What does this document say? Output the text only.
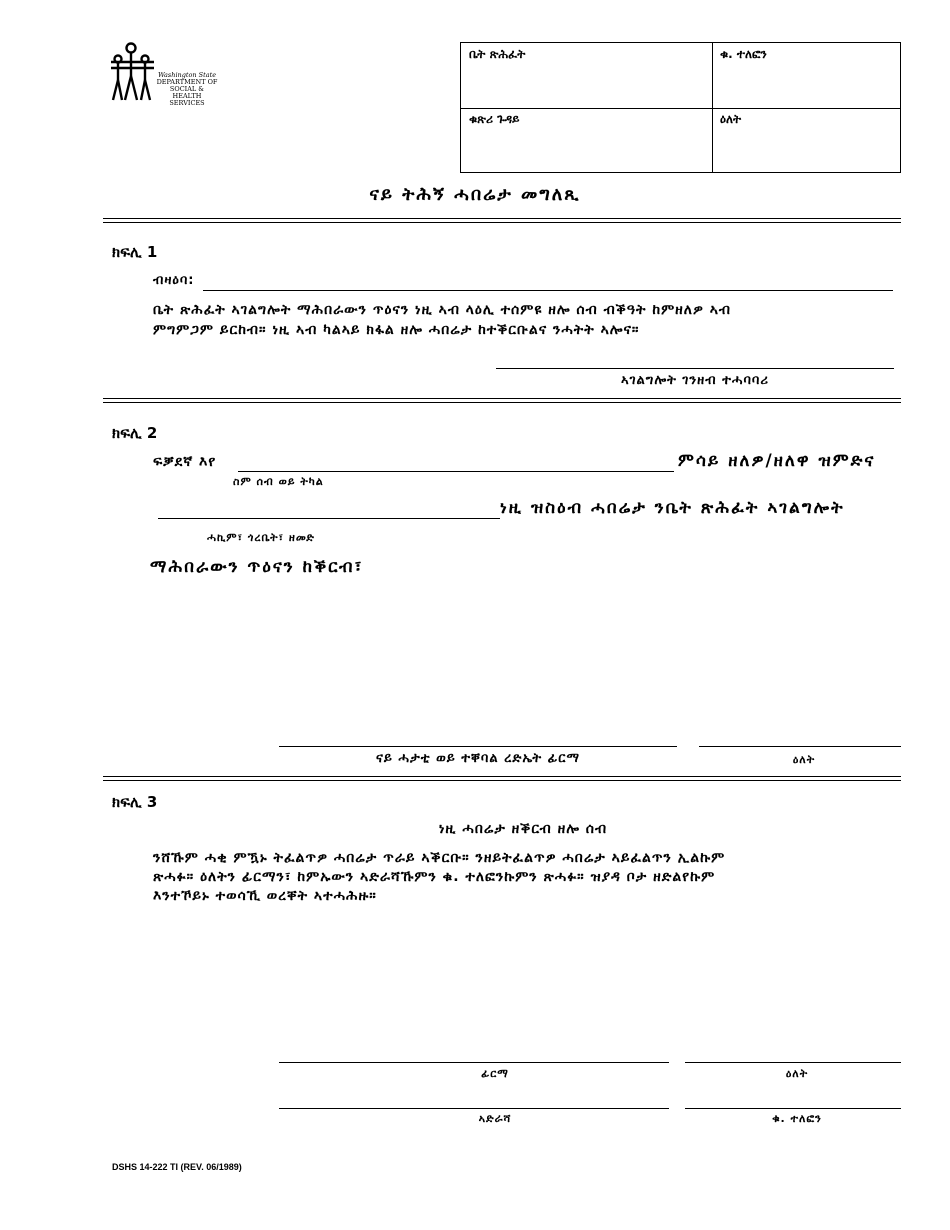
Washington State
DEPARTMENT OF
SOCIAL & HEALTH
SERVICES
ቤት ጽሕፈት	ቁ. ተለፎን
ቁጽሪ ጉዳይ	ዕለት
ናይ ትሕኝ ሓበሬታ መግለጺ
ክፍሊ 1
ብዛዕባ:
ቤት ጽሕፈት ኣገልግሎት ማሕበራውን ጥዕናን ነዚ ኣብ ላዕሊ ተሰምዩ ዘሎ ሰብ ብቕዓት ከምዘለዎ ኣብ
ምግምጋም ይርከብ። ነዚ ኣብ ካልኣይ ክፋል ዘሎ ሓበሬታ ከተቕርቡልና ንሓትት ኣሎና።
ኣገልግሎት ገንዘብ ተሓባባሪ
ክፍሊ 2
ፍቓደኛ እየ	ምሳይ ዘለዎ/ዘለዋ ዝምድና
ስም ሰብ ወይ ትካል
ነዚ ዝስዕብ ሓበሬታ ንቤት ጽሕፈት ኣገልግሎት
ሓኪም፣ ጎረቤት፣ ዘመድ
ማሕበራውን ጥዕናን ከቕርብ፣
ናይ ሓታቲ ወይ ተቐባል ረድኤት ፊርማ	ዕለት
ክፍሊ 3
ነዚ ሓበሬታ ዘቕርብ ዘሎ ሰብ
ንሸኹም ሓቂ ምዃኑ ትፈልጥዎ ሓበሬታ ጥራይ ኣቕርቡ። ንዘይትፈልጥዎ ሓበሬታ ኣይፈልጥን ኢልኩም
ጽሓፉ። ዕለትን ፊርማን፣ ከምኡውን ኣድራሻኹምን ቁ. ተለፎንኩምን ጽሓፉ። ዝያዳ ቦታ ዘድልየኩም
እንተኾይኑ ተወሳኺ ወረቐት ኣተሓሕዙ።
ፊርማ	ዕለት
ኣድራሻ	ቁ. ተለፎን
DSHS 14-222 TI (REV. 06/1989)
